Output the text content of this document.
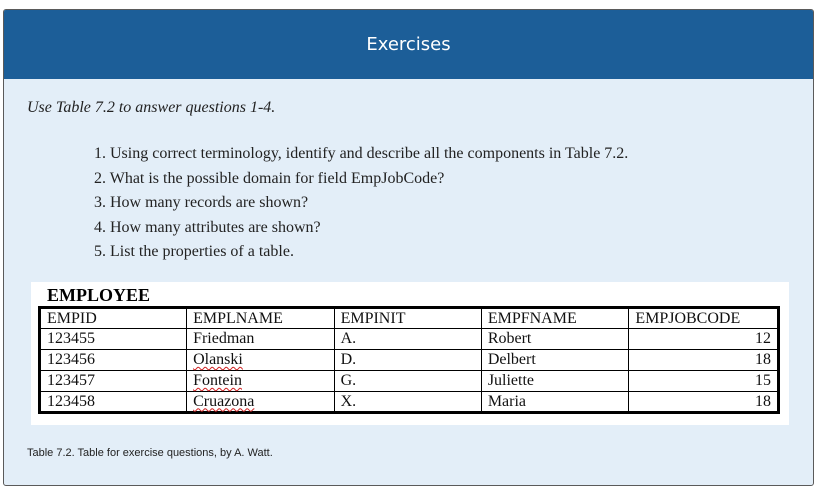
Exercises
Use Table 7.2 to answer questions 1-4.
1. Using correct terminology, identify and describe all the components in Table 7.2.
2. What is the possible domain for field EmpJobCode?
3. How many records are shown?
4. How many attributes are shown?
5. List the properties of a table.
EMPLOYEE
EMPID	EMPLNAME	EMPINIT	EMPFNAME	EMPJOBCODE
123455	Friedman	A.	Robert	12
123456	Olanski	D.	Delbert	18
123457	Fontein	G.	Juliette	15
123458	Cruazona	X.	Maria	18
Table 7.2. Table for exercise questions, by A. Watt.
